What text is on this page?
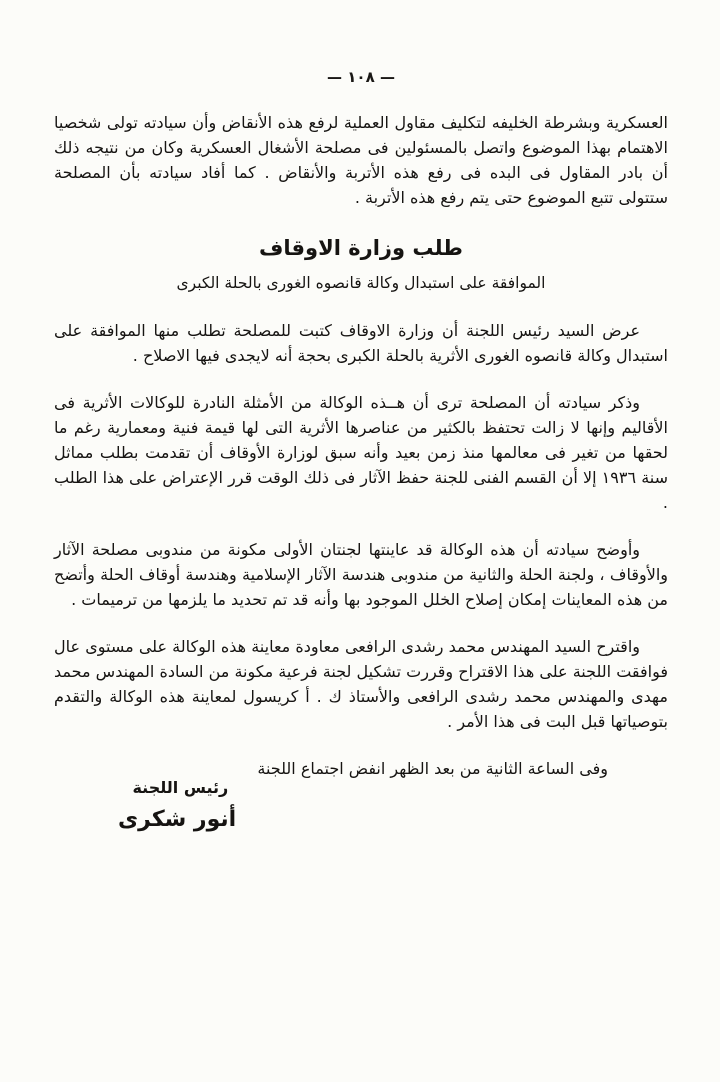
— ١٠٨ —

العسكرية وبشرطة الخليفه لتكليف مقاول العملية لرفع هذه الأنقاض وأن سيادته تولى شخصيا الاهتمام بهذا الموضوع واتصل بالمسئولين فى مصلحة الأشغال العسكرية وكان من نتيجه ذلك أن بادر المقاول فى البده فى رفع هذه الأتربة والأنقاض . كما أفاد سيادته بأن المصلحة ستتولى تتبع الموضوع حتى يتم رفع هذه الأتربة .

طلب وزارة الاوقاف
الموافقة على استبدال وكالة قانصوه الغورى بالحلة الكبرى

عرض السيد رئيس اللجنة أن وزارة الاوقاف كتبت للمصلحة تطلب منها الموافقة على استبدال وكالة قانصوه الغورى الأثرية بالحلة الكبرى بحجة أنه لايجدى فيها الاصلاح .

وذكر سيادته أن المصلحة ترى أن هــذه الوكالة من الأمثلة النادرة للوكالات الأثرية فى الأقاليم وإنها لا زالت تحتفظ بالكثير من عناصرها الأثرية التى لها قيمة فنية ومعمارية رغم ما لحقها من تغير فى معالمها منذ زمن بعيد وأنه سبق لوزارة الأوقاف أن تقدمت بطلب مماثل سنة ١٩٣٦ إلا أن القسم الفنى للجنة حفظ الآثار فى ذلك الوقت قرر الإعتراض على هذا الطلب .

وأوضح سيادته أن هذه الوكالة قد عاينتها لجنتان الأولى مكونة من مندوبى مصلحة الآثار والأوقاف ، ولجنة الحلة والثانية من مندوبى هندسة الآثار الإسلامية وهندسة أوقاف الحلة وأتضح من هذه المعاينات إمكان إصلاح الخلل الموجود بها وأنه قد تم تحديد ما يلزمها من ترميمات .

واقترح السيد المهندس محمد رشدى الرافعى معاودة معاينة هذه الوكالة على مستوى عال فوافقت اللجنة على هذا الاقتراح وقررت تشكيل لجنة فرعية مكونة من السادة المهندس محمد مهدى والمهندس محمد رشدى الرافعى والأستاذ ك . أ كريسول لمعاينة هذه الوكالة والتقدم بتوصياتها قبل البت فى هذا الأمر .

وفى الساعة الثانية من بعد الظهر انفض اجتماع اللجنة
رئيس اللجنة
أنور شكرى
